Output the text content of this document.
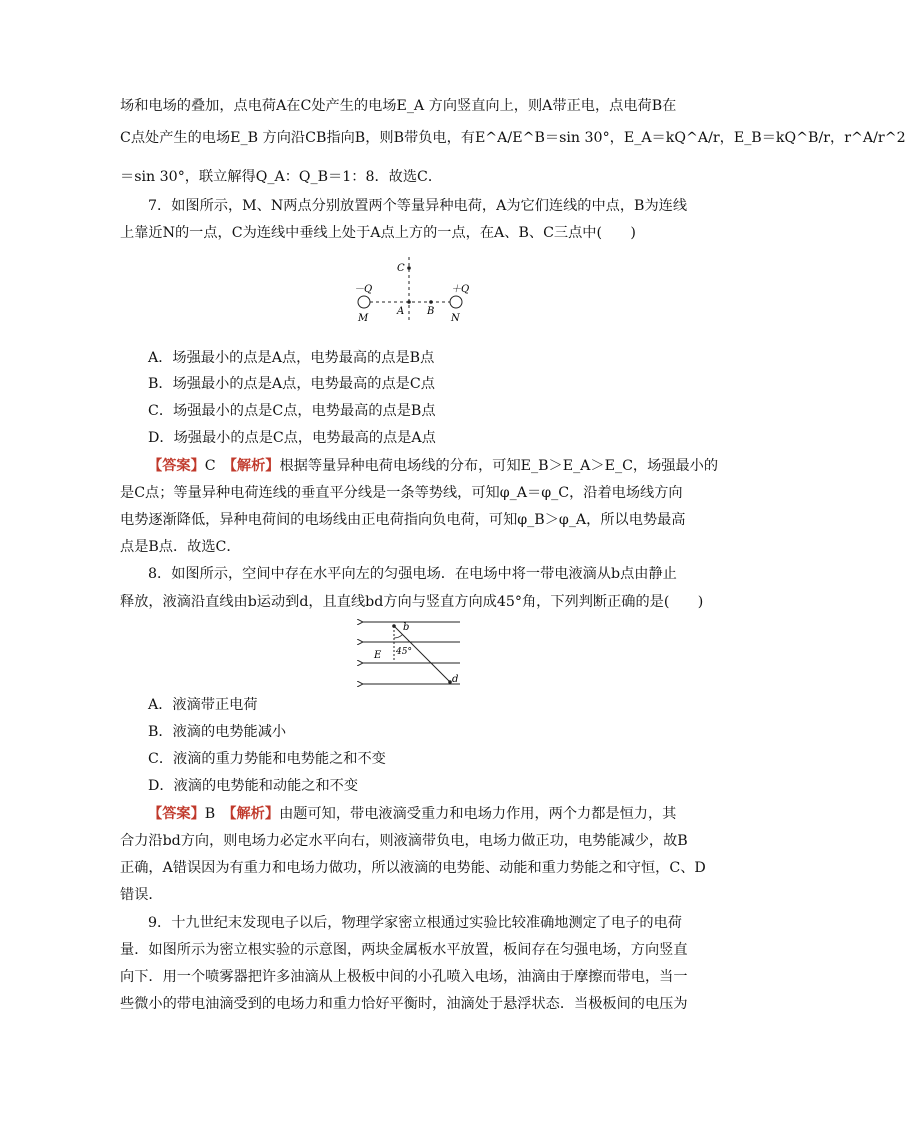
场和电场的叠加，点电荷A在C处产生的电场E_A 方向竖直向上，则A带正电，点电荷B在
C点处产生的电场E_B 方向沿CB指向B，则B带负电，有E^A/E^B＝sin 30°，E_A＝kQ^A/r，E_B＝kQ^B/r，r^A/r^2
＝sin 30°，联立解得Q_A：Q_B＝1：8．故选C．
7．如图所示，M、N两点分别放置两个等量异种电荷，A为它们连线的中点，B为连线
上靠近N的一点，C为连线中垂线上处于A点上方的一点，在A、B、C三点中(　　)
－Q	＋Q
M	N
C
A B
A．场强最小的点是A点，电势最高的点是B点
B．场强最小的点是A点，电势最高的点是C点
C．场强最小的点是C点，电势最高的点是B点
D．场强最小的点是C点，电势最高的点是A点
【答案】C　 【解析】根据等量异种电荷电场线的分布，可知E_B＞E_A＞E_C，场强最小的
是C点；等量异种电荷连线的垂直平分线是一条等势线，可知φ_A＝φ_C，沿着电场线方向
电势逐渐降低，异种电荷间的电场线由正电荷指向负电荷，可知φ_B＞φ_A，所以电势最高
点是B点．故选C．
8．如图所示，空间中存在水平向左的匀强电场．在电场中将一带电液滴从b点由静止
释放，液滴沿直线由b运动到d，且直线bd方向与竖直方向成45°角，下列判断正确的是(　　)
b
d
E 45°
A．液滴带正电荷
B．液滴的电势能减小
C．液滴的重力势能和电势能之和不变
D．液滴的电势能和动能之和不变
【答案】B　 【解析】由题可知，带电液滴受重力和电场力作用，两个力都是恒力，其
合力沿bd方向，则电场力必定水平向右，则液滴带负电，电场力做正功，电势能减少，故B
正确，A错误因为有重力和电场力做功，所以液滴的电势能、动能和重力势能之和守恒，C、D
错误．
9．十九世纪末发现电子以后，物理学家密立根通过实验比较准确地测定了电子的电荷
量．如图所示为密立根实验的示意图，两块金属板水平放置，板间存在匀强电场，方向竖直
向下．用一个喷雾器把许多油滴从上极板中间的小孔喷入电场，油滴由于摩擦而带电，当一
些微小的带电油滴受到的电场力和重力恰好平衡时，油滴处于悬浮状态．当极板间的电压为
